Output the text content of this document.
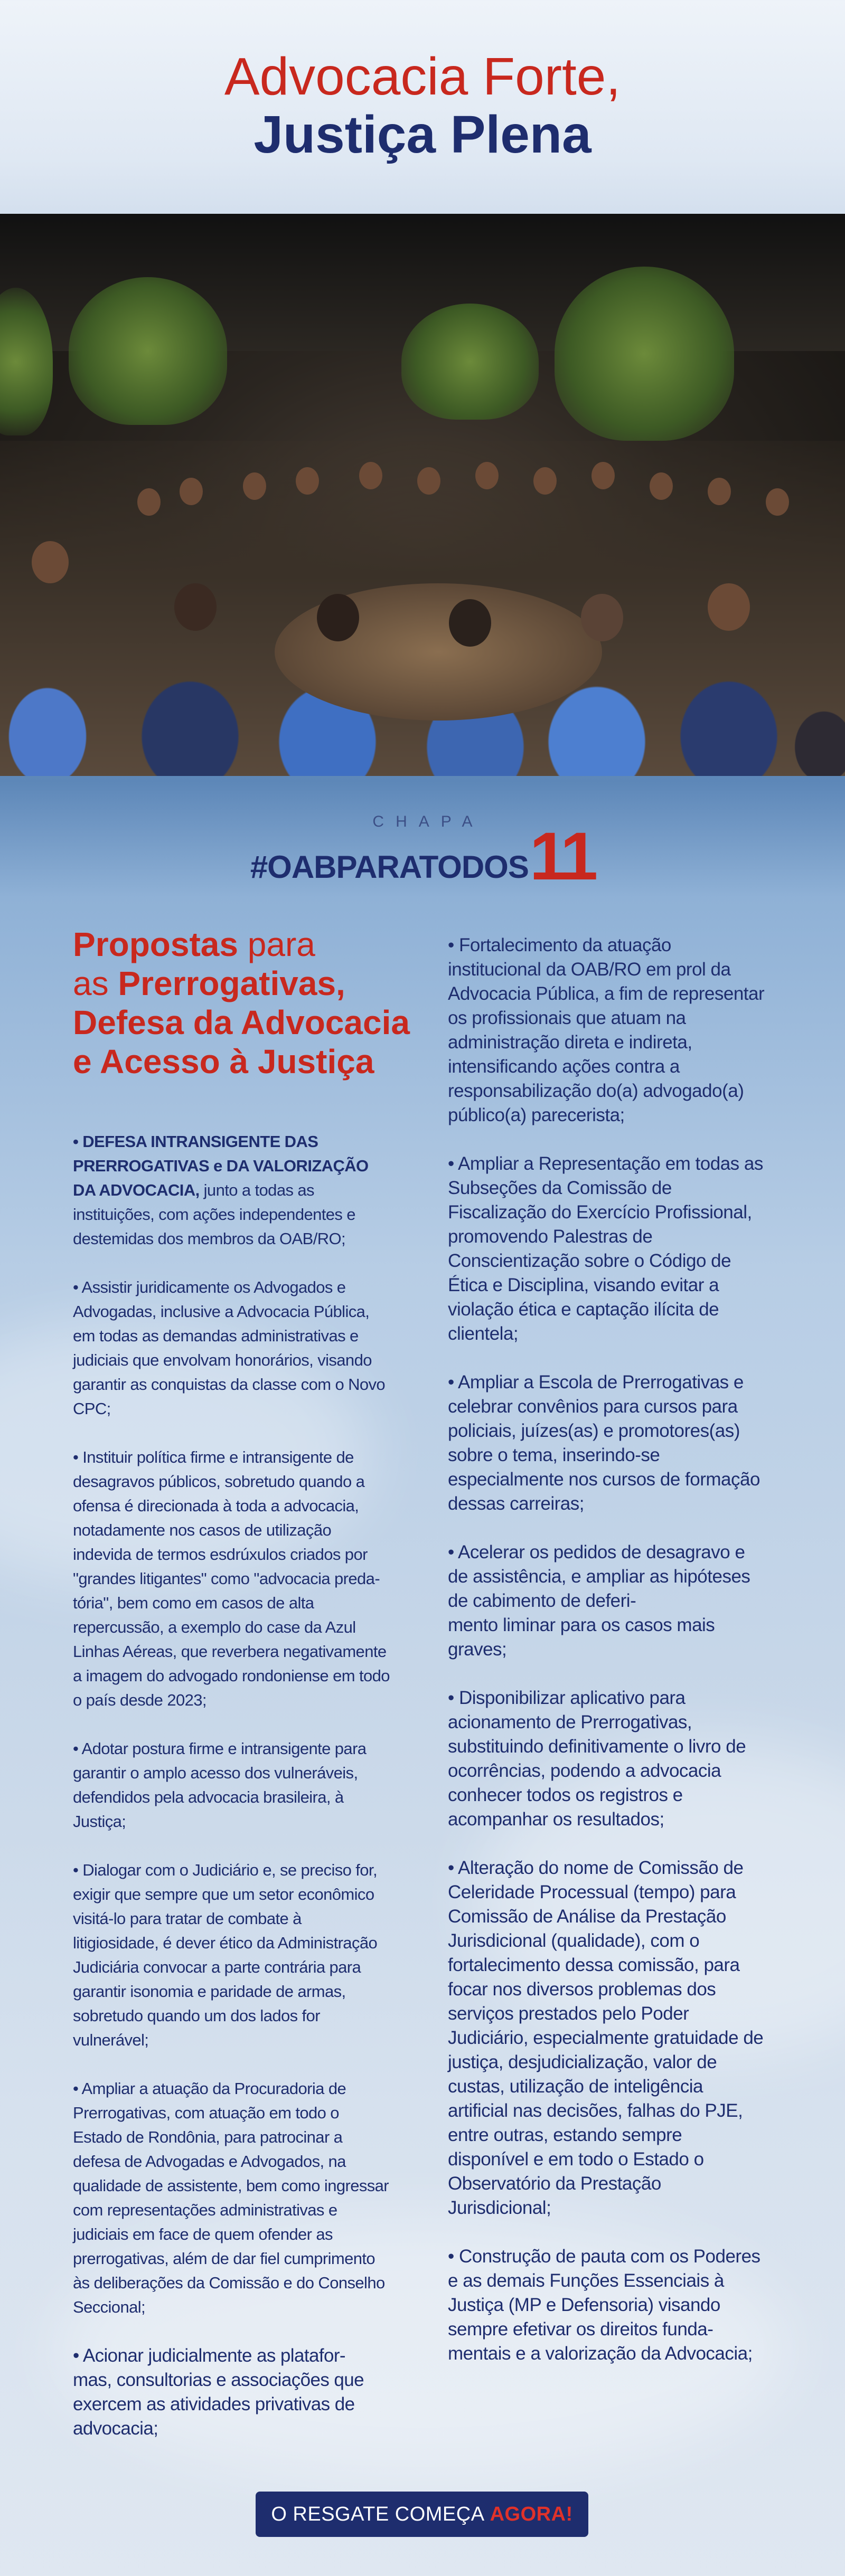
Advocacia Forte,
Justiça Plena
CHAPA
#OABPARATODOS 11
Propostas para
as Prerrogativas,
Defesa da Advocacia
e Acesso à Justiça

• DEFESA INTRANSIGENTE DAS PRERROGATIVAS e DA VALORIZAÇÃO DA ADVOCACIA, junto a todas as instituições, com ações independentes e destemidas dos membros da OAB/RO;

• Assistir juridicamente os Advogados e Advogadas, inclusive a Advocacia Pública, em todas as demandas administrativas e judiciais que envolvam honorários, visando garantir as conquistas da classe com o Novo CPC;

• Instituir política firme e intransigente de desagravos públicos, sobretudo quando a ofensa é direcionada à toda a advocacia, notadamente nos casos de utilização indevida de termos esdrúxulos criados por "grandes litigantes" como "advocacia preda-
tória", bem como em casos de alta repercussão, a exemplo do case da Azul Linhas Aéreas, que reverbera negativamente a imagem do advogado rondoniense em todo o país desde 2023;

• Adotar postura firme e intransigente para garantir o amplo acesso dos vulneráveis, defendidos pela advocacia brasileira, à Justiça;

• Dialogar com o Judiciário e, se preciso for, exigir que sempre que um setor econômico visitá-lo para tratar de combate à litigiosidade, é dever ético da Administração Judiciária convocar a parte contrária para garantir isonomia e paridade de armas, sobretudo quando um dos lados for vulnerável;

• Ampliar a atuação da Procuradoria de Prerrogativas, com atuação em todo o Estado de Rondônia, para patrocinar a defesa de Advogadas e Advogados, na qualidade de assistente, bem como ingressar com representações administrativas e judiciais em face de quem ofender as prerrogativas, além de dar fiel cumprimento às deliberações da Comissão e do Conselho Seccional;

• Acionar judicialmente as platafor-
mas, consultorias e associações que exercem as atividades privativas de advocacia;

• Fortalecimento da atuação institucional da OAB/RO em prol da Advocacia Pública, a fim de representar os profissionais que atuam na administração direta e indireta, intensificando ações contra a responsabilização do(a) advogado(a) público(a) parecerista;

• Ampliar a Representação em todas as Subseções da Comissão de Fiscalização do Exercício Profissional, promovendo Palestras de Conscientização sobre o Código de Ética e Disciplina, visando evitar a violação ética e captação ilícita de clientela;

• Ampliar a Escola de Prerrogativas e celebrar convênios para cursos para policiais, juízes(as) e promotores(as) sobre o tema, inserindo-se especialmente nos cursos de formação dessas carreiras;

• Acelerar os pedidos de desagravo e de assistência, e ampliar as hipóteses de cabimento de deferi-
mento liminar para os casos mais graves;

• Disponibilizar aplicativo para acionamento de Prerrogativas, substituindo definitivamente o livro de ocorrências, podendo a advocacia conhecer todos os registros e acompanhar os resultados;

• Alteração do nome de Comissão de Celeridade Processual (tempo) para Comissão de Análise da Prestação Jurisdicional (qualidade), com o fortalecimento dessa comissão, para focar nos diversos problemas dos serviços prestados pelo Poder Judiciário, especialmente gratuidade de justiça, desjudicialização, valor de custas, utilização de inteligência artificial nas decisões, falhas do PJE, entre outras, estando sempre disponível e em todo o Estado o Observatório da Prestação Jurisdicional;

• Construção de pauta com os Poderes e as demais Funções Essenciais à Justiça (MP e Defensoria) visando sempre efetivar os direitos funda-
mentais e a valorização da Advocacia;

O RESGATE COMEÇA AGORA!
